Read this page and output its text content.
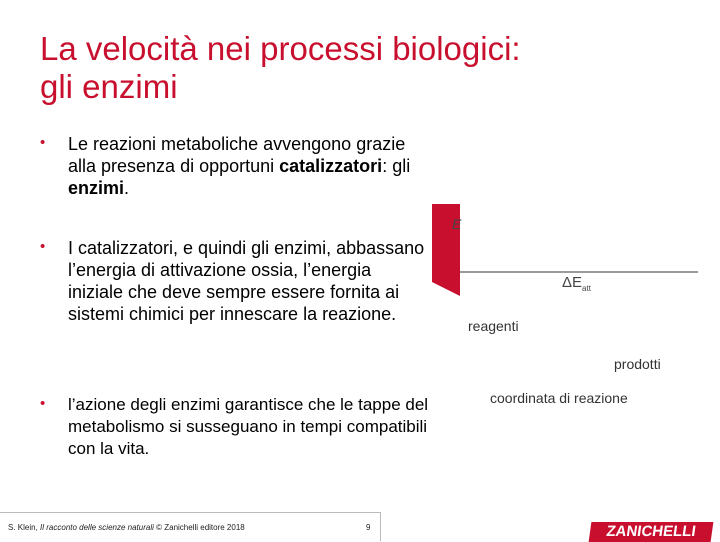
La velocità nei processi biologici:
gli enzimi
•	Le reazioni metaboliche avvengono grazie alla presenza di opportuni catalizzatori: gli enzimi.
•	I catalizzatori, e quindi gli enzimi, abbassano l’energia di attivazione ossia, l’energia iniziale che deve sempre essere fornita ai sistemi chimici per innescare la reazione.
•	l’azione degli enzimi garantisce che le tappe del metabolismo si susseguano in tempi compatibili con la vita.
E
$\Delta E_{att}$
reagenti
prodotti
coordinata di reazione
S. Klein, Il racconto delle scienze naturali © Zanichelli editore 2018	9	ZANICHELLI
